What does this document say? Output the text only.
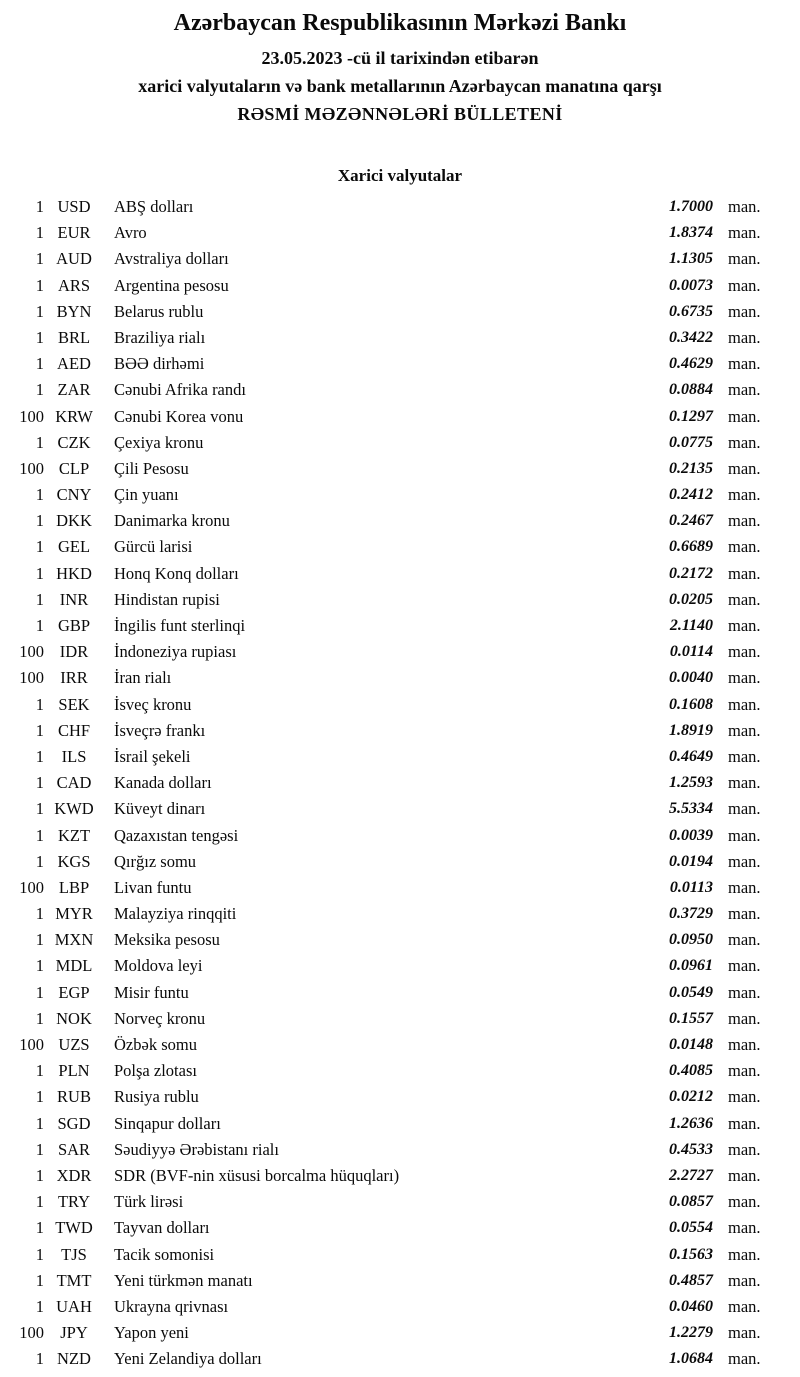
Azərbaycan Respublikasının Mərkəzi Bankı
23.05.2023 -cü il tarixindən etibarən
xarici valyutaların və bank metallarının Azərbaycan manatına qarşı
RƏSMİ MƏZƏNNƏLƏRİ BÜLLETENİ
Xarici valyutalar
1 USD	ABŞ dolları	1.7000 man.
1 EUR	Avro	1.8374 man.
1 AUD	Avstraliya dolları	1.1305 man.
1 ARS	Argentina pesosu	0.0073 man.
1 BYN	Belarus rublu	0.6735 man.
1 BRL	Braziliya rialı	0.3422 man.
1 AED	BƏƏ dirhəmi	0.4629 man.
1 ZAR	Cənubi Afrika randı	0.0884 man.
100 KRW	Cənubi Korea vonu	0.1297 man.
1 CZK	Çexiya kronu	0.0775 man.
100 CLP	Çili Pesosu	0.2135 man.
1 CNY	Çin yuanı	0.2412 man.
1 DKK	Danimarka kronu	0.2467 man.
1 GEL	Gürcü larisi	0.6689 man.
1 HKD	Honq Konq dolları	0.2172 man.
1 INR	Hindistan rupisi	0.0205 man.
1 GBP	İngilis funt sterlinqi	2.1140 man.
100 IDR	İndoneziya rupiası	0.0114 man.
100 IRR	İran rialı	0.0040 man.
1 SEK	İsveç kronu	0.1608 man.
1 CHF	İsveçrə frankı	1.8919 man.
1	ILS	İsrail şekeli	0.4649 man.
1 CAD	Kanada dolları	1.2593 man.
1 KWD	Küveyt dinarı	5.5334 man.
1 KZT	Qazaxıstan tengəsi	0.0039 man.
1 KGS	Qırğız somu	0.0194 man.
100 LBP	Livan funtu	0.0113 man.
1 MYR	Malayziya rinqqiti	0.3729 man.
1 MXN	Meksika pesosu	0.0950 man.
1 MDL	Moldova leyi	0.0961 man.
1 EGP	Misir funtu	0.0549 man.
1 NOK	Norveç kronu	0.1557 man.
100 UZS	Özbək somu	0.0148 man.
1 PLN	Polşa zlotası	0.4085 man.
1 RUB	Rusiya rublu	0.0212 man.
1 SGD	Sinqapur dolları	1.2636 man.
1 SAR	Səudiyyə Ərəbistanı rialı	0.4533 man.
1 XDR	SDR (BVF-nin xüsusi borcalma hüquqları)	2.2727 man.
1 TRY	Türk lirəsi	0.0857 man.
1 TWD	Tayvan dolları	0.0554 man.
1	TJS	Tacik somonisi	0.1563 man.
1 TMT	Yeni türkmən manatı	0.4857 man.
1 UAH	Ukrayna qrivnası	0.0460 man.
100 JPY	Yapon yeni	1.2279 man.
1 NZD	Yeni Zelandiya dolları	1.0684 man.
